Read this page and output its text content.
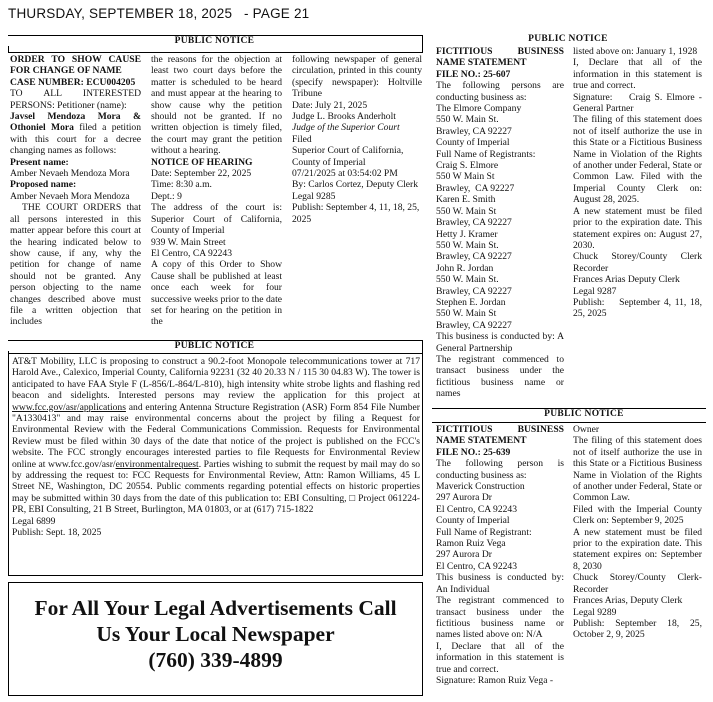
THURSDAY, SEPTEMBER 18, 2025   - PAGE 21
PUBLIC NOTICE

ORDER TO SHOW CAUSE FOR CHANGE OF NAME

CASE NUMBER: ECU004205

TO ALL INTERESTED PERSONS: Petitioner (name):

Javsel Mendoza Mora & Othoniel Mora filed a petition with this court for a decree changing names as follows:

Present name:

Amber Nevaeh Mendoza Mora

Proposed name:

Amber Nevaeh Mora Mendoza

THE COURT ORDERS that all persons interested in this matter appear before this court at the hearing indicated below to show cause, if any, why the petition for change of name should not be granted. Any person objecting to the name changes described above must file a written objection that includes

the reasons for the objection at least two court days before the matter is scheduled to be heard and must appear at the hearing to show cause why the petition should not be granted. If no written objection is timely filed, the court may grant the petition without a hearing.

NOTICE OF HEARING

Date: September 22, 2025

Time: 8:30 a.m.

Dept.: 9

The address of the court is: Superior Court of California, County of Imperial

939 W. Main Street

El Centro, CA 92243

A copy of this Order to Show Cause shall be published at least once each week for four successive weeks prior to the date set for hearing on the petition in the

following newspaper of general circulation, printed in this county (specify newspaper): Holtville Tribune

Date: July 21, 2025

Judge L. Brooks Anderholt

Judge of the Superior Court

Filed

Superior Court of California, County of Imperial

07/21/2025 at 03:54:02 PM

By: Carlos Cortez, Deputy Clerk

Legal 9285

Publish: September 4, 11, 18, 25, 2025

PUBLIC NOTICE

AT&T Mobility, LLC is proposing to construct a 90.2-foot Monopole telecommunications tower at 717 Harold Ave., Calexico, Imperial County, California 92231 (32 40 20.33 N / 115 30 04.83 W). The tower is anticipated to have FAA Style F (L-856/L-864/L-810), high intensity white strobe lights and flashing red beacon and sidelights. Interested persons may review the application for this project at www.fcc.gov/asr/applications and entering Antenna Structure Registration (ASR) Form 854 File Number "A1330413" and may raise environmental concerns about the project by filing a Request for Environmental Review with the Federal Communications Commission. Requests for Environmental Review must be filed within 30 days of the date that notice of the project is published on the FCC's website. The FCC strongly encourages interested parties to file Requests for Environmental Review online at www.fcc.gov/asr/environmentalrequest. Parties wishing to submit the request by mail may do so by addressing the request to: FCC Requests for Environmental Review, Attn: Ramon Williams, 45 L Street NE, Washington, DC 20554. Public comments regarding potential effects on historic properties may be submitted within 30 days from the date of this publication to: EBI Consulting, □ Project 061224-PR, EBI Consulting, 21 B Street, Burlington, MA 01803, or at (617) 715-1822

Legal 6899

Publish: Sept. 18, 2025

For All Your Legal Advertisements Call
Us Your Local Newspaper
(760) 339-4899
PUBLIC NOTICE

FICTITIOUS BUSINESS NAME STATEMENT

FILE NO.: 25-607

The following persons are conducting business as:

The Elmore Company

550 W. Main St.

Brawley, CA 92227

County of Imperial

Full Name of Registrants:

Craig S. Elmore

550 W Main St

Brawley,  CA 92227

Karen E. Smith

550 W. Main St

Brawley, CA 92227

Hetty J. Kramer

550 W. Main St.

Brawley, CA 92227

John R. Jordan

550 W. Main St.

Brawley, CA 92227

Stephen E. Jordan

550 W. Main St

Brawley, CA 92227

This business is conducted by: A General Partnership

The registrant commenced to transact business under the fictitious business name or names

listed above on: January 1, 1928

I, Declare that all of the information in this statement is true and correct.

Signature:    Craig S. Elmore - General Partner

The filing of this statement does not of itself authorize the use in this State or a Fictitious Business Name in Violation of the Rights of another under Federal, State or Common Law. Filed with the Imperial County Clerk on: August 28, 2025.

A new statement must be filed prior to the expiration date. This statement expires on: August 27, 2030.

Chuck Storey/County Clerk Recorder

Frances Arias Deputy Clerk

Legal 9287

Publish:    September 4, 11, 18, 25, 2025

PUBLIC NOTICE

FICTITIOUS BUSINESS NAME STATEMENT

FILE NO.: 25-639

The following person is conducting business as:

Maverick Construction

297 Aurora Dr

El Centro, CA 92243

County of Imperial

Full Name of Registrant:

Ramon Ruiz Vega

297 Aurora Dr

El Centro, CA 92243

This business is conducted by: An Individual

The registrant commenced to transact business under the fictitious business name or names listed above on: N/A

I, Declare that all of the information in this statement is true and correct.

Signature: Ramon Ruiz Vega -

Owner

The filing of this statement does not of itself authorize the use in this State or a Fictitious Business Name in Violation of the Rights of another under Federal, State or Common Law.

Filed with the Imperial County Clerk on: September 9, 2025

A new statement must be filed prior to the expiration date. This statement expires on: September 8, 2030

Chuck Storey/County Clerk-Recorder

Frances Arias, Deputy Clerk

Legal 9289

Publish: September 18, 25, October 2, 9, 2025
